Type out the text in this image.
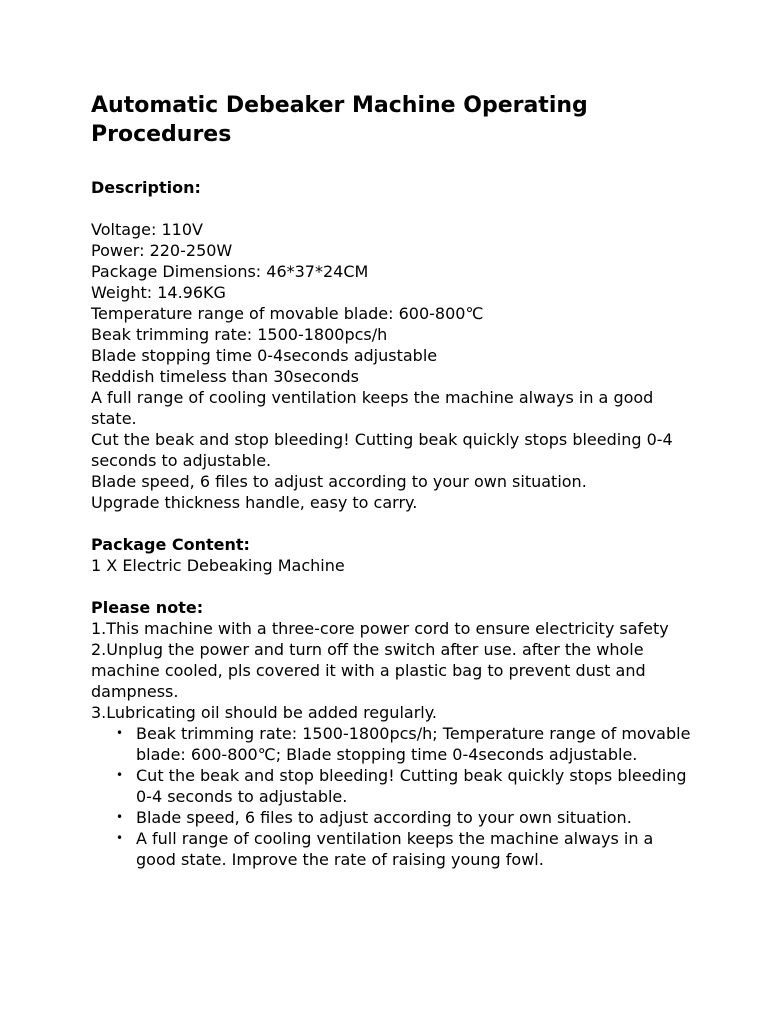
Automatic Debeaker Machine Operating Procedures

Description:

Voltage: 110V

Power: 220-250W

Package Dimensions: 46*37*24CM

Weight: 14.96KG

Temperature range of movable blade: 600-800℃

Beak trimming rate: 1500-1800pcs/h

Blade stopping time 0-4seconds adjustable

Reddish timeless than 30seconds

A full range of cooling ventilation keeps the machine always in a good state.

Cut the beak and stop bleeding! Cutting beak quickly stops bleeding 0-4 seconds to adjustable.

Blade speed, 6 files to adjust according to your own situation.

Upgrade thickness handle, easy to carry.

Package Content:

1 X Electric Debeaking Machine

Please note:

1.This machine with a three-core power cord to ensure electricity safety

2.Unplug the power and turn off the switch after use. after the whole machine cooled, pls covered it with a plastic bag to prevent dust and dampness.

3.Lubricating oil should be added regularly.

• Beak trimming rate: 1500-1800pcs/h; Temperature range of movable blade: 600-800℃; Blade stopping time 0-4seconds adjustable.
• Cut the beak and stop bleeding! Cutting beak quickly stops bleeding 0-4 seconds to adjustable.
• Blade speed, 6 files to adjust according to your own situation.
• A full range of cooling ventilation keeps the machine always in a good state. Improve the rate of raising young fowl.
